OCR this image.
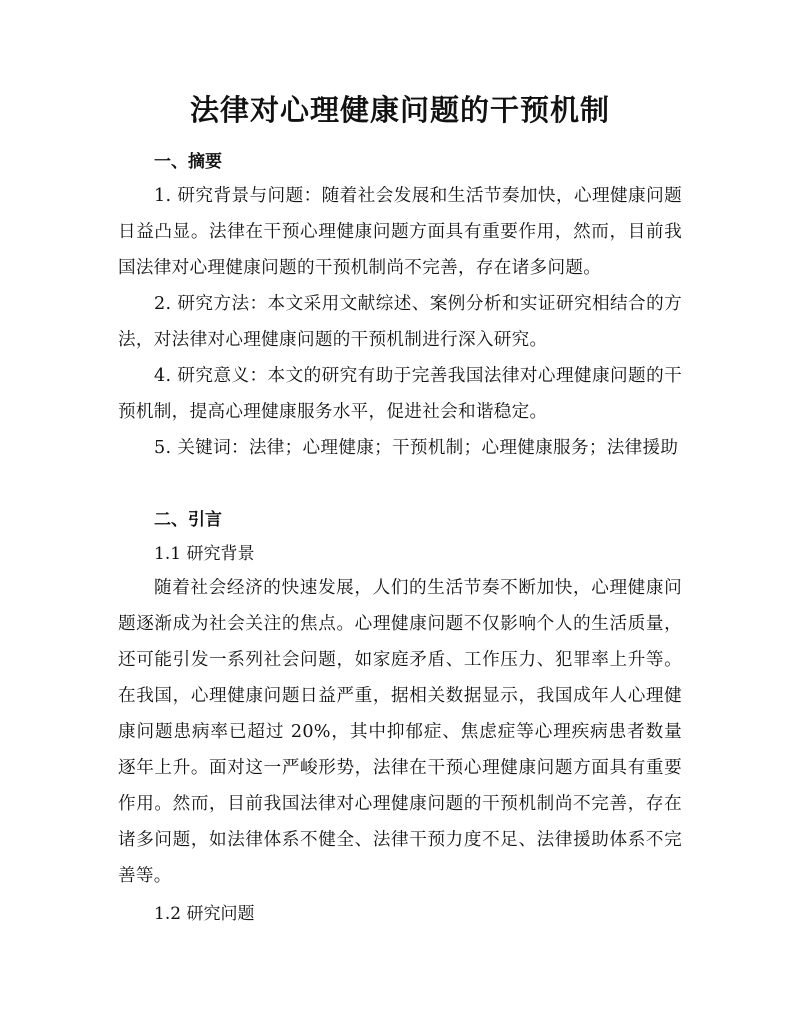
法律对心理健康问题的干预机制

一、摘要

1. 研究背景与问题：随着社会发展和生活节奏加快，心理健康问题日益凸显。法律在干预心理健康问题方面具有重要作用，然而，目前我国法律对心理健康问题的干预机制尚不完善，存在诸多问题。

2. 研究方法：本文采用文献综述、案例分析和实证研究相结合的方法，对法律对心理健康问题的干预机制进行深入研究。

4. 研究意义：本文的研究有助于完善我国法律对心理健康问题的干预机制，提高心理健康服务水平，促进社会和谐稳定。

5. 关键词：法律；心理健康；干预机制；心理健康服务；法律援助

二、引言

1.1 研究背景

随着社会经济的快速发展，人们的生活节奏不断加快，心理健康问题逐渐成为社会关注的焦点。心理健康问题不仅影响个人的生活质量，还可能引发一系列社会问题，如家庭矛盾、工作压力、犯罪率上升等。在我国，心理健康问题日益严重，据相关数据显示，我国成年人心理健康问题患病率已超过 20%，其中抑郁症、焦虑症等心理疾病患者数量逐年上升。面对这一严峻形势，法律在干预心理健康问题方面具有重要作用。然而，目前我国法律对心理健康问题的干预机制尚不完善，存在诸多问题，如法律体系不健全、法律干预力度不足、法律援助体系不完善等。

1.2 研究问题
